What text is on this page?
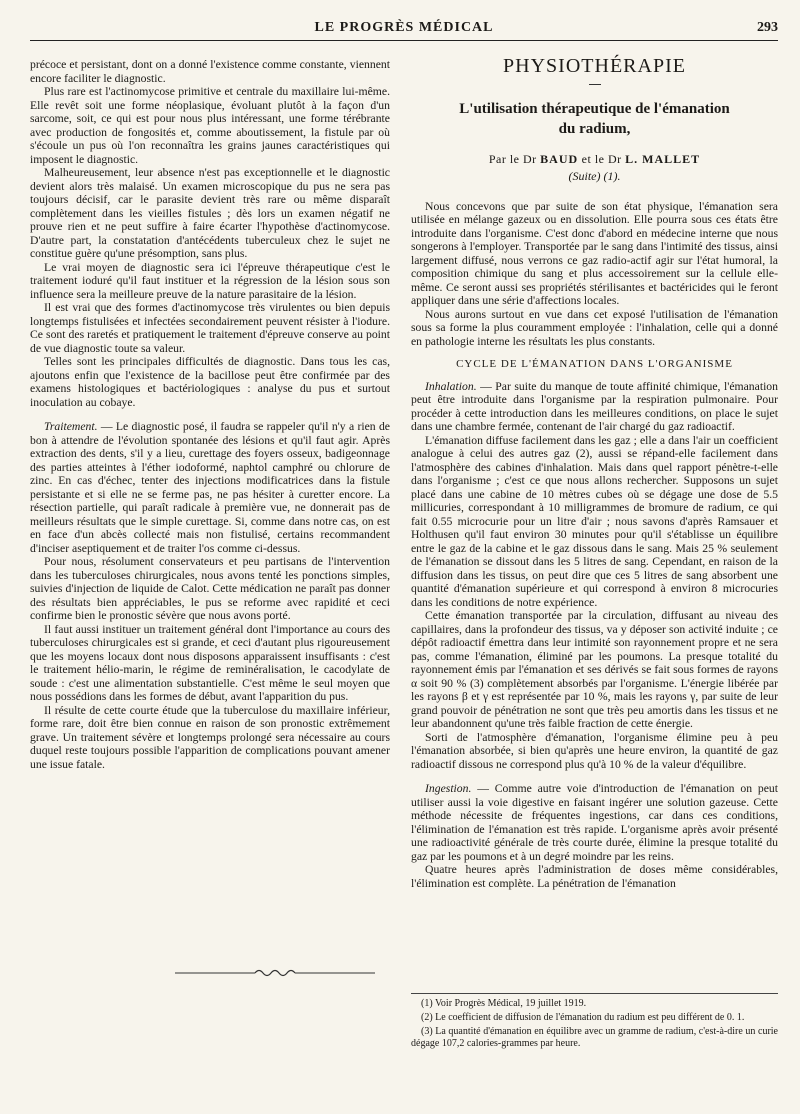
LE PROGRÈS MÉDICAL	293

précoce et persistant, dont on a donné l'existence comme constante, viennent encore faciliter le diagnostic.

Plus rare est l'actinomycose primitive et centrale du maxillaire lui-même. Elle revêt soit une forme néoplasique, évoluant plutôt à la façon d'un sarcome, soit, ce qui est pour nous plus intéressant, une forme térébrante avec production de fongosités et, comme aboutissement, la fistule par où s'écoule un pus où l'on reconnaîtra les grains jaunes caractéristiques qui imposent le diagnostic.

Malheureusement, leur absence n'est pas exceptionnelle et le diagnostic devient alors très malaisé. Un examen microscopique du pus ne sera pas toujours décisif, car le parasite devient très rare ou même disparaît complètement dans les vieilles fistules ; dès lors un examen négatif ne prouve rien et ne peut suffire à faire écarter l'hypothèse d'actinomycose. D'autre part, la constatation d'antécédents tuberculeux chez le sujet ne constitue guère qu'une présomption, sans plus.

Le vrai moyen de diagnostic sera ici l'épreuve thérapeutique c'est le traitement ioduré qu'il faut instituer et la régression de la lésion sous son influence sera la meilleure preuve de la nature parasitaire de la lésion.

Il est vrai que des formes d'actinomycose très virulentes ou bien depuis longtemps fistulisées et infectées secondairement peuvent résister à l'iodure. Ce sont des raretés et pratiquement le traitement d'épreuve conserve au point de vue diagnostic toute sa valeur.

Telles sont les principales difficultés de diagnostic. Dans tous les cas, ajoutons enfin que l'existence de la bacillose peut être confirmée par des examens histologiques et bactériologiques : analyse du pus et surtout inoculation au cobaye.

Traitement. — Le diagnostic posé, il faudra se rappeler qu'il n'y a rien de bon à attendre de l'évolution spontanée des lésions et qu'il faut agir. Après extraction des dents, s'il y a lieu, curettage des foyers osseux, badigeonnage des parties atteintes à l'éther iodoformé, naphtol camphré ou chlorure de zinc. En cas d'échec, tenter des injections modificatrices dans la fistule persistante et si elle ne se ferme pas, ne pas hésiter à curetter encore. La résection partielle, qui paraît radicale à première vue, ne donnerait pas de meilleurs résultats que le simple curettage. Si, comme dans notre cas, on est en face d'un abcès collecté mais non fistulisé, certains recommandent d'inciser aseptiquement et de traiter l'os comme ci-dessus.

Pour nous, résolument conservateurs et peu partisans de l'intervention dans les tuberculoses chirurgicales, nous avons tenté les ponctions simples, suivies d'injection de liquide de Calot. Cette médication ne paraît pas donner des résultats bien appréciables, le pus se reforme avec rapidité et ceci confirme bien le pronostic sévère que nous avons porté.

Il faut aussi instituer un traitement général dont l'importance au cours des tuberculoses chirurgicales est si grande, et ceci d'autant plus rigoureusement que les moyens locaux dont nous disposons apparaissent insuffisants : c'est le traitement hélio-marin, le régime de reminéralisation, le cacodylate de soude : c'est une alimentation substantielle. C'est même le seul moyen que nous possédions dans les formes de début, avant l'apparition du pus.

Il résulte de cette courte étude que la tuberculose du maxillaire inférieur, forme rare, doit être bien connue en raison de son pronostic extrêmement grave. Un traitement sévère et longtemps prolongé sera nécessaire au cours duquel reste toujours possible l'apparition de complications pouvant amener une issue fatale.

PHYSIOTHÉRAPIE
L'utilisation thérapeutique de l'émanation
du radium,
Par le Dr BAUD et le Dr L. MALLET
(Suite) (1).

Nous concevons que par suite de son état physique, l'émanation sera utilisée en mélange gazeux ou en dissolution. Elle pourra sous ces états être introduite dans l'organisme. C'est donc d'abord en médecine interne que nous songerons à l'employer. Transportée par le sang dans l'intimité des tissus, ainsi largement diffusé, nous verrons ce gaz radio-actif agir sur l'état humoral, la composition chimique du sang et plus accessoirement sur la cellule elle-même. Ce seront aussi ses propriétés stérilisantes et bactéricides qui le feront appliquer dans une série d'affections locales.

Nous aurons surtout en vue dans cet exposé l'utilisation de l'émanation sous sa forme la plus couramment employée : l'inhalation, celle qui a donné en pathologie interne les résultats les plus constants.

CYCLE DE L'ÉMANATION DANS L'ORGANISME

Inhalation. — Par suite du manque de toute affinité chimique, l'émanation peut être introduite dans l'organisme par la respiration pulmonaire. Pour procéder à cette introduction dans les meilleures conditions, on place le sujet dans une chambre fermée, contenant de l'air chargé du gaz radioactif.

L'émanation diffuse facilement dans les gaz ; elle a dans l'air un coefficient analogue à celui des autres gaz (2), aussi se répand-elle facilement dans l'atmosphère des cabines d'inhalation. Mais dans quel rapport pénètre-t-elle dans l'organisme ; c'est ce que nous allons rechercher. Supposons un sujet placé dans une cabine de 10 mètres cubes où se dégage une dose de 5.5 millicuries, correspondant à 10 milligrammes de bromure de radium, ce qui fait 0.55 microcurie pour un litre d'air ; nous savons d'après Ramsauer et Holthusen qu'il faut environ 30 minutes pour qu'il s'établisse un équilibre entre le gaz de la cabine et le gaz dissous dans le sang. Mais 25 % seulement de l'émanation se dissout dans les 5 litres de sang. Cependant, en raison de la diffusion dans les tissus, on peut dire que ces 5 litres de sang absorbent une quantité d'émanation supérieure et qui correspond à environ 8 microcuries dans les conditions de notre expérience.

Cette émanation transportée par la circulation, diffusant au niveau des capillaires, dans la profondeur des tissus, va y déposer son activité induite ; ce dépôt radioactif émettra dans leur intimité son rayonnement propre et ne sera pas, comme l'émanation, éliminé par les poumons. La presque totalité du rayonnement émis par l'émanation et ses dérivés se fait sous formes de rayons α soit 90 % (3) complètement absorbés par l'organisme. L'énergie libérée par les rayons β et γ est représentée par 10 %, mais les rayons γ, par suite de leur grand pouvoir de pénétration ne sont que très peu amortis dans les tissus et ne leur abandonnent qu'une très faible fraction de cette énergie.

Sorti de l'atmosphère d'émanation, l'organisme élimine peu à peu l'émanation absorbée, si bien qu'après une heure environ, la quantité de gaz radioactif dissous ne correspond plus qu'à 10 % de la valeur d'équilibre.

Ingestion. — Comme autre voie d'introduction de l'émanation on peut utiliser aussi la voie digestive en faisant ingérer une solution gazeuse. Cette méthode nécessite de fréquentes ingestions, car dans ces conditions, l'élimination de l'émanation est très rapide. L'organisme après avoir présenté une radioactivité générale de très courte durée, élimine la presque totalité du gaz par les poumons et à un degré moindre par les reins.

Quatre heures après l'administration de doses même considérables, l'élimination est complète. La pénétration de l'émanation

(1) Voir Progrès Médical, 19 juillet 1919.

(2) Le coefficient de diffusion de l'émanation du radium est peu différent de 0. 1.

(3) La quantité d'émanation en équilibre avec un gramme de radium, c'est-à-dire un curie dégage 107,2 calories-grammes par heure.
